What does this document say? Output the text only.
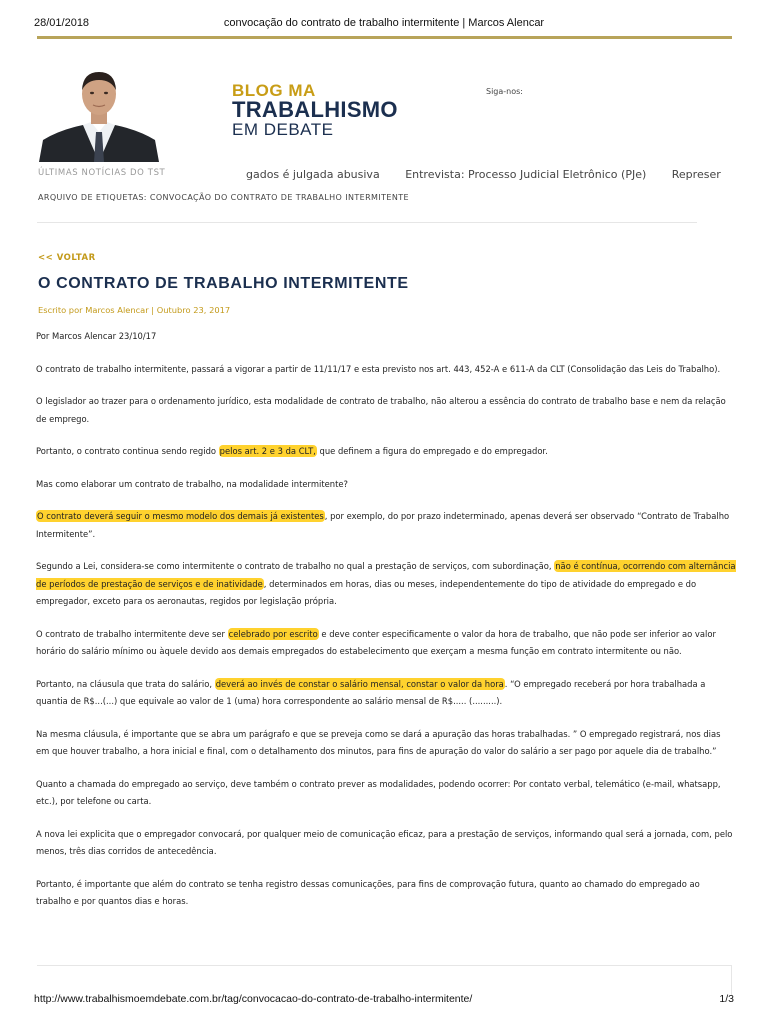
28/01/2018	convocação do contrato de trabalho intermitente | Marcos Alencar
BLOG MA
TRABALHISMO
EM DEBATE
Siga-nos:
ÚLTIMAS NOTÍCIAS DO TST	gados é julgada abusiva Entrevista: Processo Judicial Eletrônico (PJe) Represer
ARQUIVO DE ETIQUETAS: CONVOCAÇÃO DO CONTRATO DE TRABALHO INTERMITENTE
<< VOLTAR
O CONTRATO DE TRABALHO INTERMITENTE
Escrito por Marcos Alencar | Outubro 23, 2017

Por Marcos Alencar 23/10/17

O contrato de trabalho intermitente, passará a vigorar a partir de 11/11/17 e esta previsto nos art. 443, 452-A e 611-A da CLT (Consolidação das Leis do Trabalho).

O legislador ao trazer para o ordenamento jurídico, esta modalidade de contrato de trabalho, não alterou a essência do contrato de trabalho base e nem da relação de emprego.

Portanto, o contrato continua sendo regido pelos art. 2 e 3 da CLT, que definem a figura do empregado e do empregador.

Mas como elaborar um contrato de trabalho, na modalidade intermitente?

O contrato deverá seguir o mesmo modelo dos demais já existentes, por exemplo, do por prazo indeterminado, apenas deverá ser observado “Contrato de Trabalho Intermitente”.

Segundo a Lei, considera-se como intermitente o contrato de trabalho no qual a prestação de serviços, com subordinação, não é contínua, ocorrendo com alternância de períodos de prestação de serviços e de inatividade, determinados em horas, dias ou meses, independentemente do tipo de atividade do empregado e do empregador, exceto para os aeronautas, regidos por legislação própria.

O contrato de trabalho intermitente deve ser celebrado por escrito e deve conter especificamente o valor da hora de trabalho, que não pode ser inferior ao valor horário do salário mínimo ou àquele devido aos demais empregados do estabelecimento que exerçam a mesma função em contrato intermitente ou não.

Portanto, na cláusula que trata do salário, deverá ao invés de constar o salário mensal, constar o valor da hora. “O empregado receberá por hora trabalhada a quantia de R$...(...) que equivale ao valor de 1 (uma) hora correspondente ao salário mensal de R$..... (.........).

Na mesma cláusula, é importante que se abra um parágrafo e que se preveja como se dará a apuração das horas trabalhadas. ” O empregado registrará, nos dias em que houver trabalho, a hora inicial e final, com o detalhamento dos minutos, para fins de apuração do valor do salário a ser pago por aquele dia de trabalho.”

Quanto a chamada do empregado ao serviço, deve também o contrato prever as modalidades, podendo ocorrer: Por contato verbal, telemático (e-mail, whatsapp, etc.), por telefone ou carta.

A nova lei explicita que o empregador convocará, por qualquer meio de comunicação eficaz, para a prestação de serviços, informando qual será a jornada, com, pelo menos, três dias corridos de antecedência.

Portanto, é importante que além do contrato se tenha registro dessas comunicações, para fins de comprovação futura, quanto ao chamado do empregado ao trabalho e por quantos dias e horas.

http://www.trabalhismoemdebate.com.br/tag/convocacao-do-contrato-de-trabalho-intermitente/	1/3
